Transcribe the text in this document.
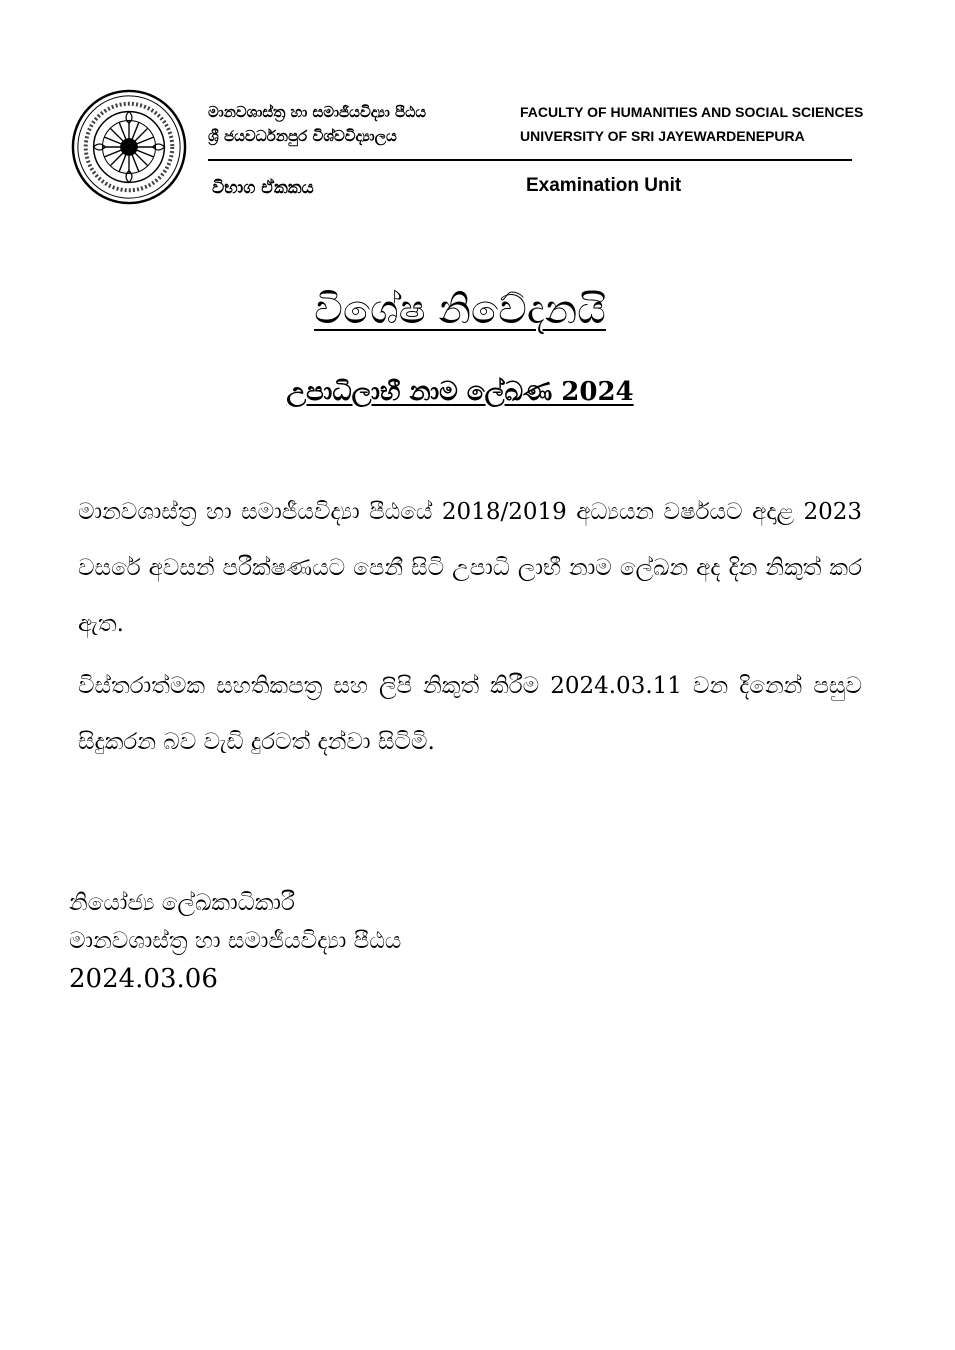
මානවශාස්ත්‍ර හා සමාජීයවිද්‍යා පීඨය
ශ්‍රී ජයවර්ධනපුර විශ්වවිද්‍යාලය
FACULTY OF HUMANITIES AND SOCIAL SCIENCES
UNIVERSITY OF SRI JAYEWARDENEPURA
විභාග ඒකකය	Examination Unit
විශේෂ නිවේදනයි
උපාධිලාභී නාම ලේඛණ 2024
මානවශාස්ත්‍ර හා සමාජීයවිද්‍යා පීඨයේ 2018/2019 අධ්‍යයන වර්ෂයට අදාළ 2023 වසරේ අවසන් පරීක්ෂණයට පෙනී සිටි උපාධි ලාභී නාම ලේඛන අද දින නිකුත් කර ඇත.
විස්තරාත්මක සහතිකපත්‍ර සහ ලිපි නිකුත් කිරීම 2024.03.11 වන දිනෙන් පසුව සිදුකරන බව වැඩි දුරටත් දන්වා සිටිමි.
නියෝජ්‍ය ලේඛකාධිකාරී
මානවශාස්ත්‍ර හා සමාජීයවිද්‍යා පීඨය
2024.03.06
